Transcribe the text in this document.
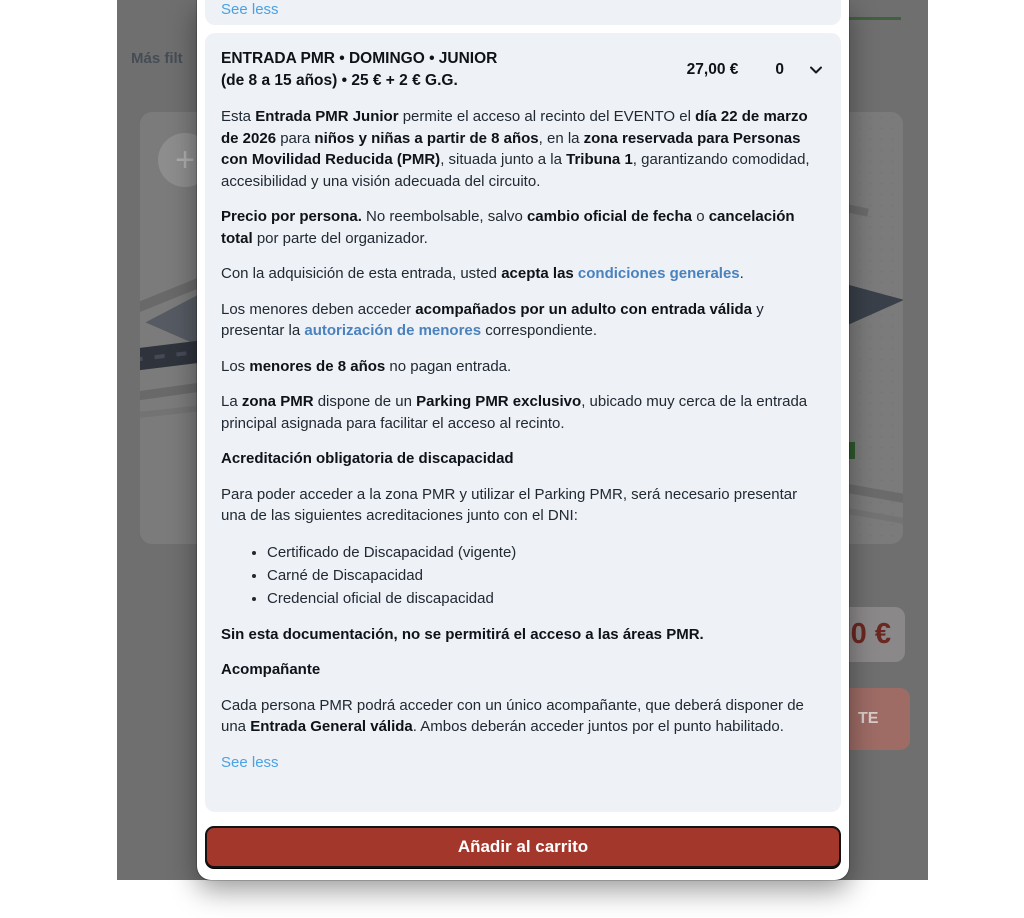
Más filt
+
0 €
TE
See less
ENTRADA PMR • DOMINGO • JUNIOR
(de 8 a 15 años) • 25 € + 2 € G.G.
27,00 € 0

Esta Entrada PMR Junior permite el acceso al recinto del EVENTO el día 22 de marzo de 2026 para niños y niñas a partir de 8 años, en la zona reservada para Personas con Movilidad Reducida (PMR), situada junto a la Tribuna 1, garantizando comodidad, accesibilidad y una visión adecuada del circuito.

Precio por persona. No reembolsable, salvo cambio oficial de fecha o cancelación total por parte del organizador.

Con la adquisición de esta entrada, usted acepta las condiciones generales.

Los menores deben acceder acompañados por un adulto con entrada válida y presentar la autorización de menores correspondiente.

Los menores de 8 años no pagan entrada.

La zona PMR dispone de un Parking PMR exclusivo, ubicado muy cerca de la entrada principal asignada para facilitar el acceso al recinto.

Acreditación obligatoria de discapacidad

Para poder acceder a la zona PMR y utilizar el Parking PMR, será necesario presentar una de las siguientes acreditaciones junto con el DNI:

• Certificado de Discapacidad (vigente)
• Carné de Discapacidad
• Credencial oficial de discapacidad

Sin esta documentación, no se permitirá el acceso a las áreas PMR.

Acompañante

Cada persona PMR podrá acceder con un único acompañante, que deberá disponer de una Entrada General válida. Ambos deberán acceder juntos por el punto habilitado.

See less
Añadir al carrito
